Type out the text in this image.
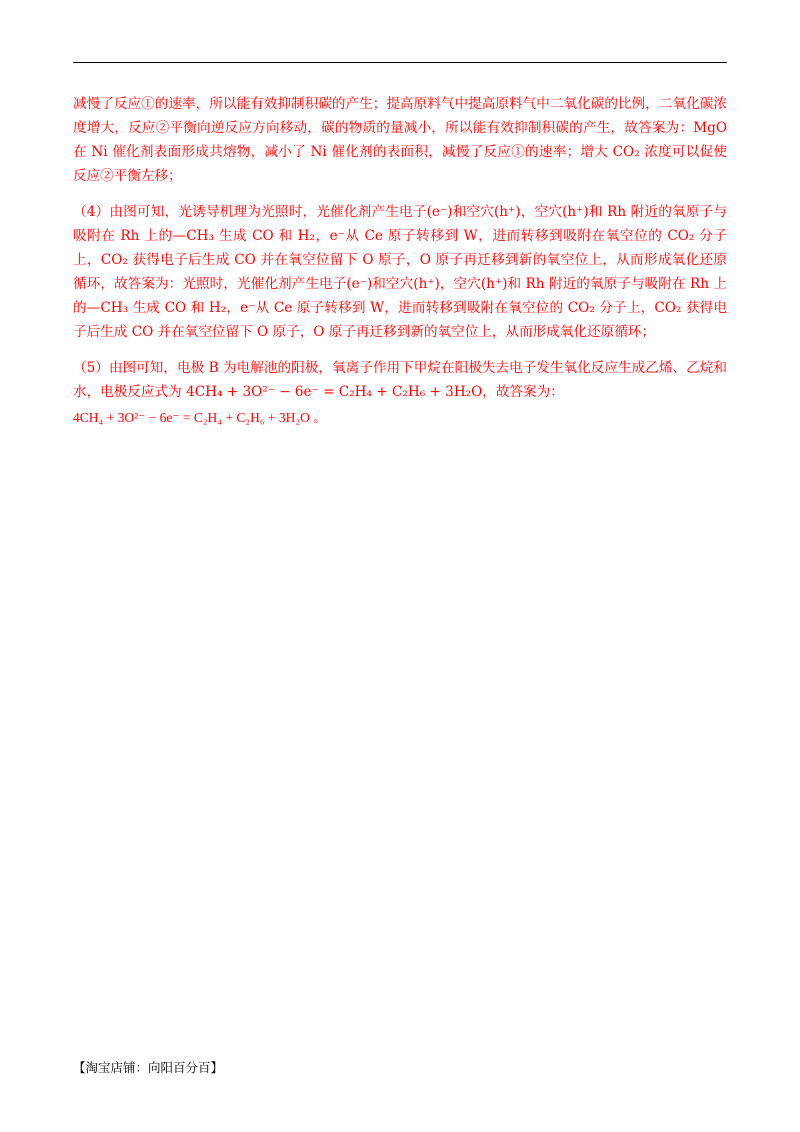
减慢了反应①的速率，所以能有效抑制积碳的产生；提高原料气中提高原料气中二氧化碳的比例，二氧化碳浓度增大，反应②平衡向逆反应方向移动，碳的物质的量减小，所以能有效抑制积碳的产生，故答案为：MgO 在 Ni 催化剂表面形成共熔物，减小了 Ni 催化剂的表面积，减慢了反应①的速率；增大 CO₂ 浓度可以促使反应②平衡左移；

（4）由图可知，光诱导机理为光照时，光催化剂产生电子(e⁻)和空穴(h⁺)，空穴(h⁺)和 Rh 附近的氧原子与吸附在 Rh 上的—CH₃ 生成 CO 和 H₂，e⁻从 Ce 原子转移到 W，进而转移到吸附在氧空位的 CO₂ 分子上，CO₂ 获得电子后生成 CO 并在氧空位留下 O 原子，O 原子再迁移到新的氧空位上，从而形成氧化还原循环，故答案为：光照时，光催化剂产生电子(e⁻)和空穴(h⁺)，空穴(h⁺)和 Rh 附近的氧原子与吸附在 Rh 上的—CH₃ 生成 CO 和 H₂，e⁻从 Ce 原子转移到 W，进而转移到吸附在氧空位的 CO₂ 分子上，CO₂ 获得电子后生成 CO 并在氧空位留下 O 原子，O 原子再迁移到新的氧空位上，从而形成氧化还原循环；

（5）由图可知，电极 B 为电解池的阳极，氧离子作用下甲烷在阳极失去电子发生氧化反应生成乙烯、乙烷和水，电极反应式为 4CH₄ + 3O²⁻ − 6e⁻ = C₂H₄ + C₂H₆ + 3H₂O，故答案为：

4CH₄ + 3O²⁻ − 6e⁻ = C₂H₄ + C₂H₆ + 3H₂O 。

【淘宝店铺：向阳百分百】
